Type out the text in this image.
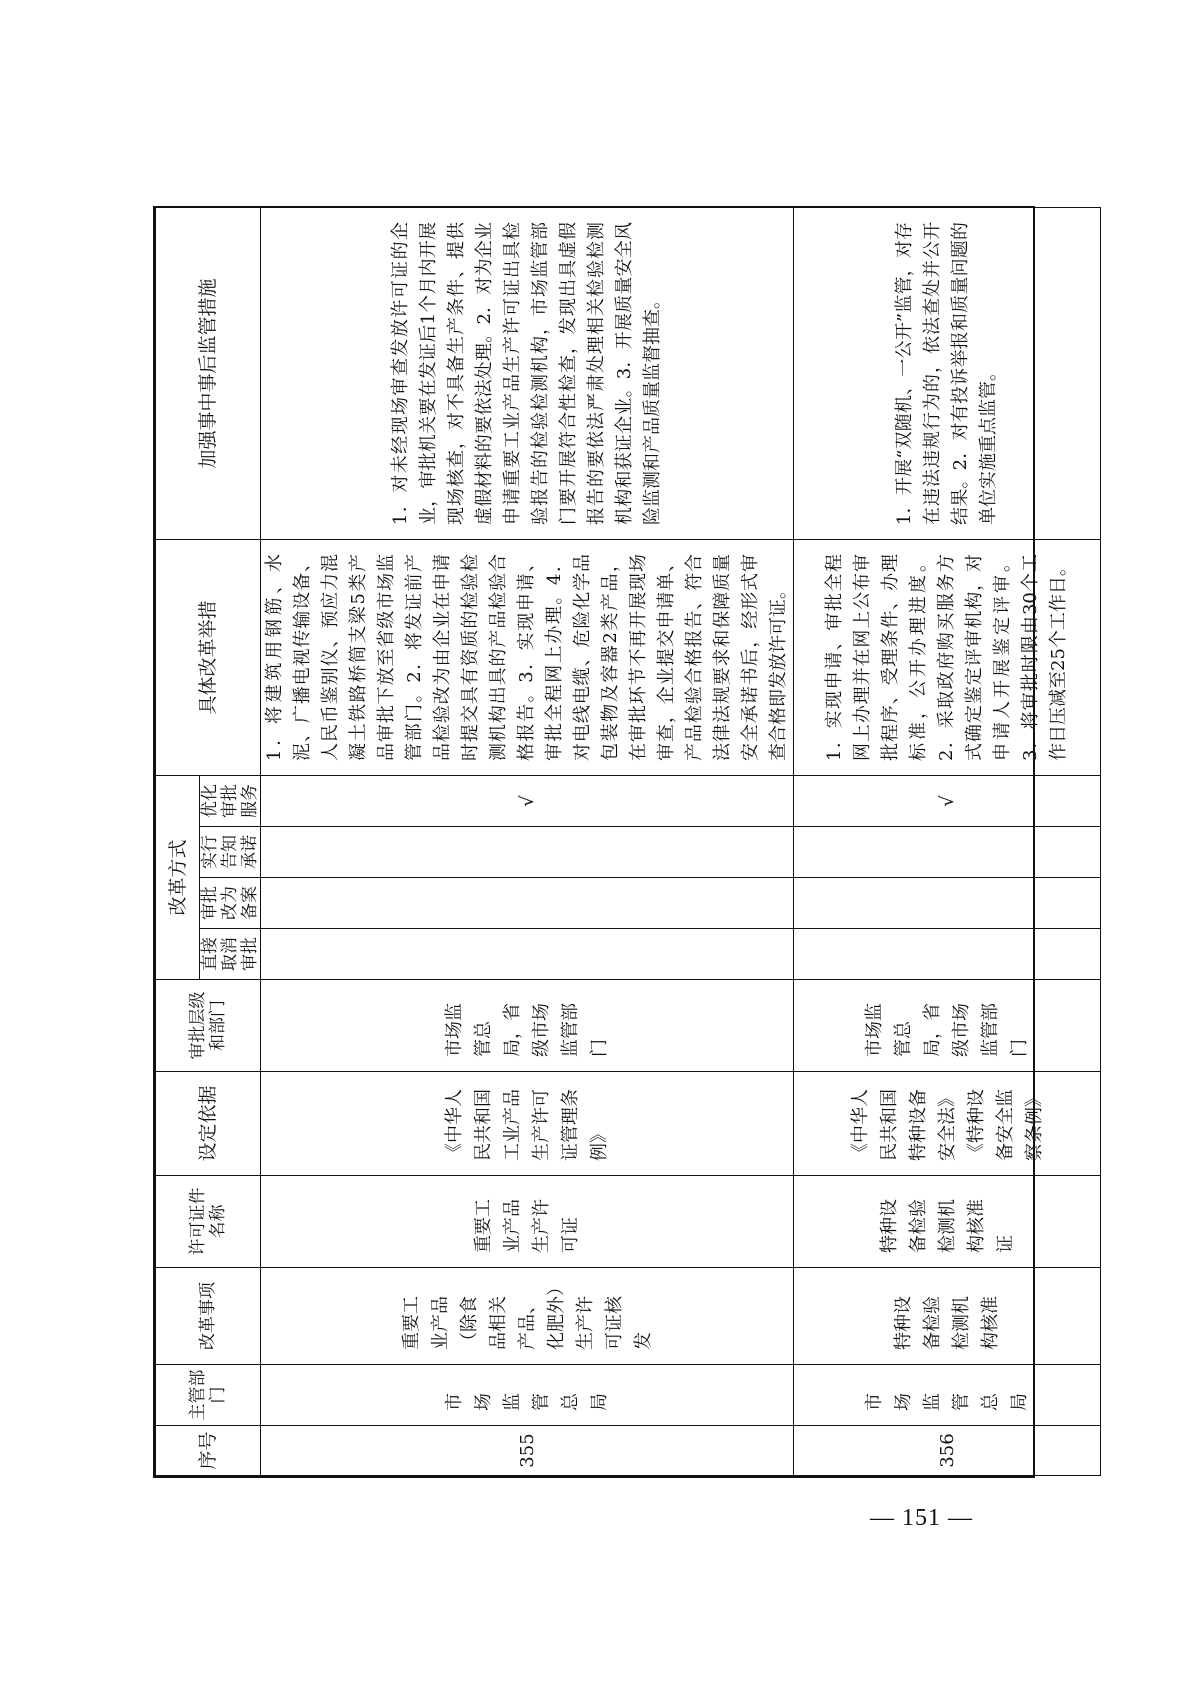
序号	主管部门	改革事项	许可证件名称	设定依据	审批层级和部门	改革方式				具体改革举措	加强事中事后监管措施
						直接取消审批	审批改为备案	实行告知承诺	优化审批服务		
355	市场监管总局	重要工业产品（除食品相关产品、化肥外）生产许可证核发	重要工业产品生产许可证	《中华人民共和国工业产品生产许可证管理条例》	市场监管总局，省级市场监管部门				√	1．将建筑用钢筋、水泥、广播电视传输设备、人民币鉴别仪、预应力混凝土铁路桥简支梁5类产品审批下放至省级市场监管部门。2．将发证前产品检验改为由企业在申请时提交具有资质的检验检测机构出具的产品检验合格报告。3．实现申请、审批全程网上办理。4．对电线电缆、危险化学品包装物及容器2类产品，在审批环节不再开展现场审查，企业提交申请单、产品检验合格报告、符合法律法规要求和保障质量安全承诺书后，经形式审查合格即发放许可证。	1．对未经现场审查发放许可证的企业，审批机关要在发证后1个月内开展现场核查，对不具备生产条件、提供虚假材料的要依法处理。2．对为企业申请重要工业产品生产许可证出具检验报告的检验检测机构，市场监管部门要开展符合性检查，发现出具虚假报告的要依法严肃处理相关检验检测机构和获证企业。3．开展质量安全风险监测和产品质量监督抽查。
356	市场监管总局	特种设备检验检测机构核准	特种设备检验检测机构核准证	《中华人民共和国特种设备安全法》《特种设备安全监察条例》	市场监管总局，省级市场监管部门				√	1．实现申请、审批全程网上办理并在网上公布审批程序、受理条件、办理标准，公开办理进度。2．采取政府购买服务方式确定鉴定评审机构，对申请人开展鉴定评审。3．将审批时限由30个工作日压减至25个工作日。	1．开展“双随机、一公开”监管，对存在违法违规行为的，依法查处并公开结果。2．对有投诉举报和质量问题的单位实施重点监管。
— 151 —
